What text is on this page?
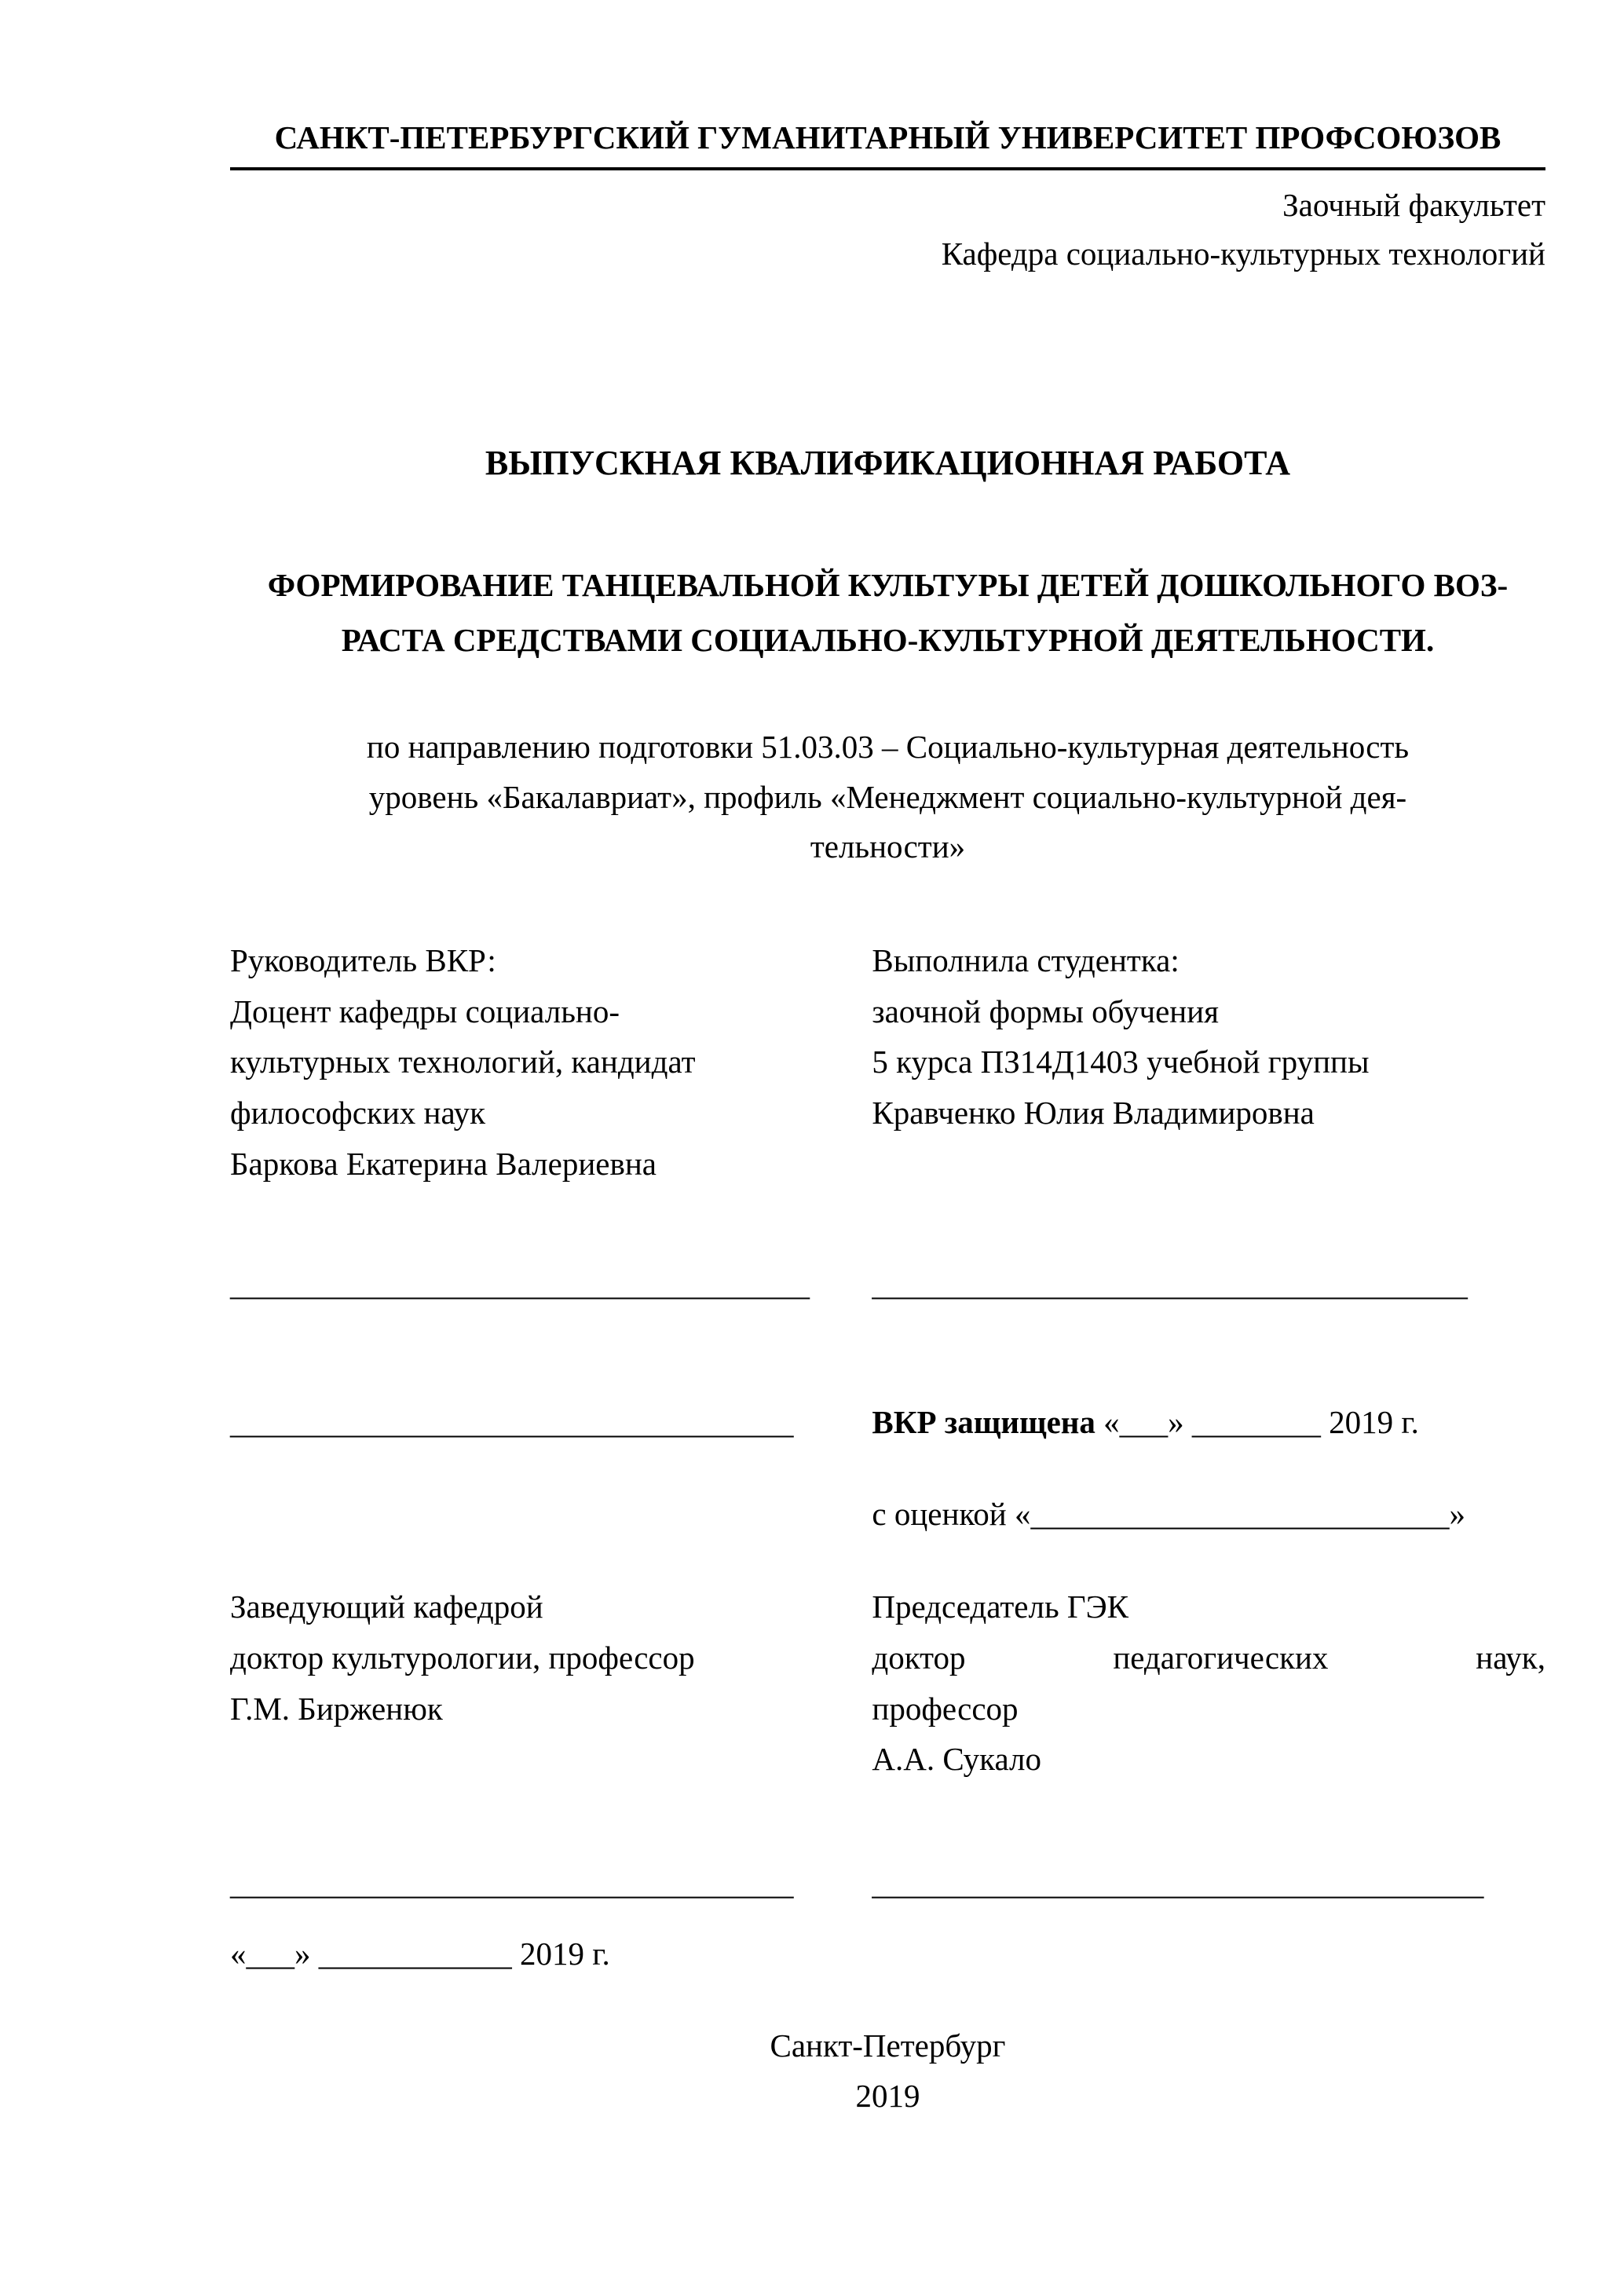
САНКТ-ПЕТЕРБУРГСКИЙ ГУМАНИТАРНЫЙ УНИВЕРСИТЕТ ПРОФСОЮЗОВ
Заочный факультет
Кафедра социально-культурных технологий
ВЫПУСКНАЯ КВАЛИФИКАЦИОННАЯ РАБОТА
ФОРМИРОВАНИЕ ТАНЦЕВАЛЬНОЙ КУЛЬТУРЫ ДЕТЕЙ ДОШКОЛЬНОГО ВОЗ-
РАСТА СРЕДСТВАМИ СОЦИАЛЬНО-КУЛЬТУРНОЙ ДЕЯТЕЛЬНОСТИ.
по направлению подготовки 51.03.03 – Социально-культурная деятельность
уровень «Бакалавриат», профиль «Менеджмент социально-культурной дея-
тельности»
Руководитель ВКР:
Доцент кафедры социально-
культурных технологий, кандидат
философских наук
Баркова Екатерина Валериевна
Выполнила студентка:
заочной формы обучения
5 курса ПЗ14Д1403 учебной группы
Кравченко Юлия Владимировна
____________________________________	_____________________________________
___________________________________	ВКР защищена «___» ________ 2019 г.
с оценкой «__________________________»
Заведующий кафедрой
доктор культурологии, профессор
Г.М. Бирженюк
Председатель ГЭК
доктор	педагогических	наук,
профессор
А.А. Сукало
___________________________________	______________________________________
«___» ____________ 2019 г.
Санкт-Петербург
2019
